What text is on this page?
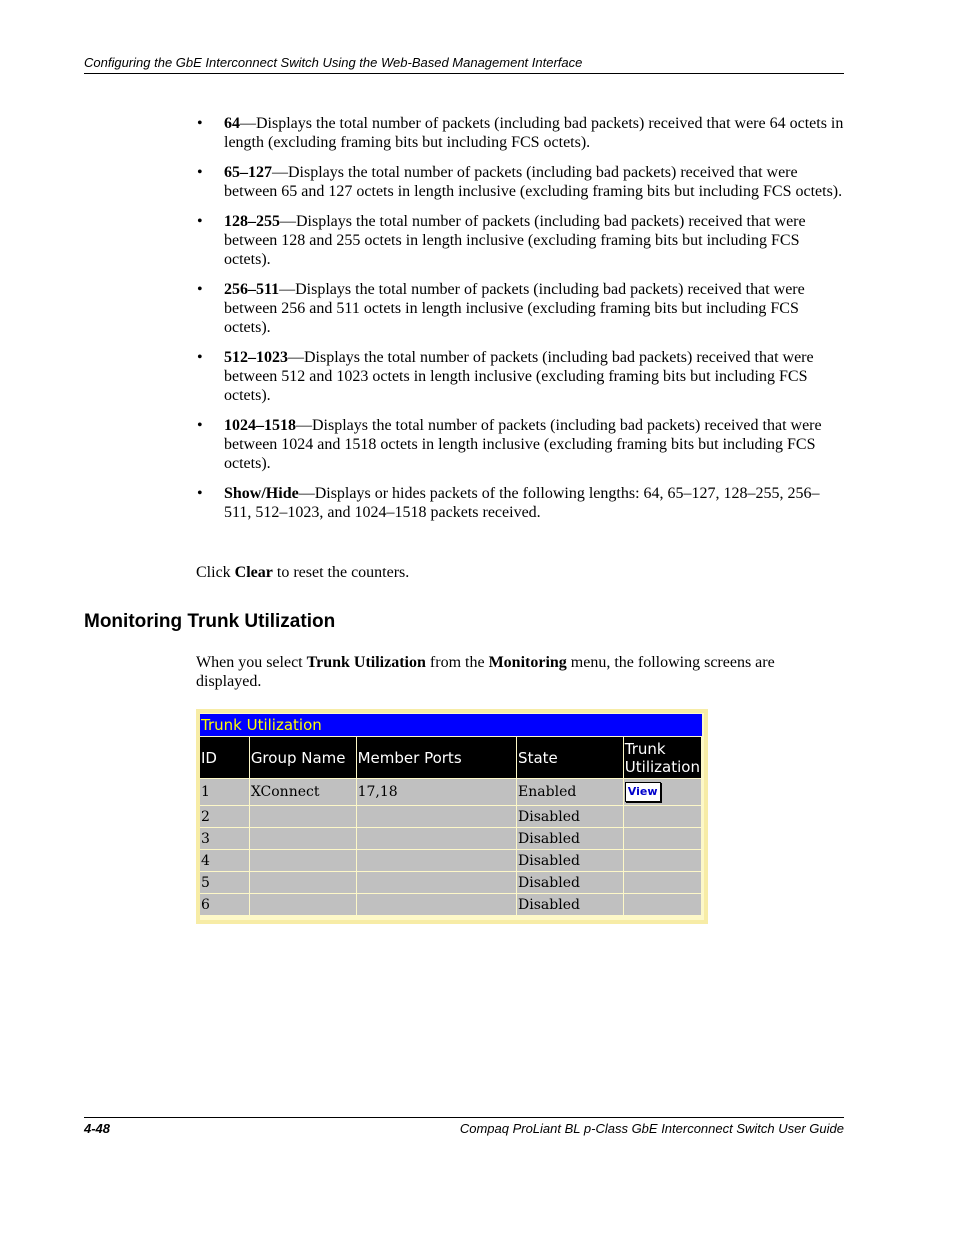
Configuring the GbE Interconnect Switch Using the Web-Based Management Interface
• 64—Displays the total number of packets (including bad packets) received that were 64 octets in length (excluding framing bits but including FCS octets).
• 65–127—Displays the total number of packets (including bad packets) received that were between 65 and 127 octets in length inclusive (excluding framing bits but including FCS octets).
• 128–255—Displays the total number of packets (including bad packets) received that were between 128 and 255 octets in length inclusive (excluding framing bits but including FCS octets).
• 256–511—Displays the total number of packets (including bad packets) received that were between 256 and 511 octets in length inclusive (excluding framing bits but including FCS octets).
• 512–1023—Displays the total number of packets (including bad packets) received that were between 512 and 1023 octets in length inclusive (excluding framing bits but including FCS octets).
• 1024–1518—Displays the total number of packets (including bad packets) received that were between 1024 and 1518 octets in length inclusive (excluding framing bits but including FCS octets).
• Show/Hide—Displays or hides packets of the following lengths: 64, 65–127, 128–255, 256–511, 512–1023, and 1024–1518 packets received.
Click Clear to reset the counters.
Monitoring Trunk Utilization
When you select Trunk Utilization from the Monitoring menu, the following screens are displayed.
Trunk Utilization
ID	Group Name	Member Ports	State	Trunk Utilization
1	XConnect	17,18	Enabled	View
2			Disabled	
3			Disabled	
4			Disabled	
5			Disabled	
6			Disabled	
4-48	Compaq ProLiant BL p-Class GbE Interconnect Switch User Guide
